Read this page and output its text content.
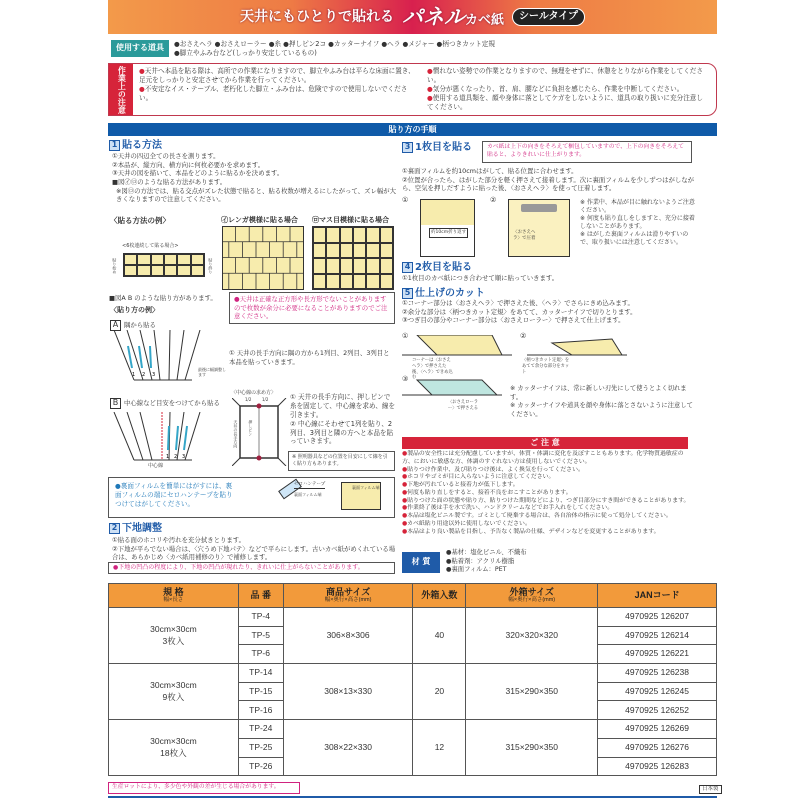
天井にもひとりで貼れる パネルカベ紙	シールタイプ
使用する道具	●おさえヘラ ●おさえローラー ●糸 ●押しピン2コ ●カッターナイフ ●ヘラ ●メジャー ●柄つきカット定規
●脚立やふみ台など(しっかり安定しているもの)
作業上の注意	●天井へ本品を貼る際は、高所での作業になりますので、脚立やふみ台は平らな床面に置き、足元をしっかりと安定させてから作業を行ってください。
●不安定なイス・テーブル、老朽化した脚立・ふみ台は、危険ですので使用しないでください。
●慣れない姿勢での作業となりますので、無理をせずに、休憩をとりながら作業をしてください。
●気分が悪くなったり、首、肩、腰などに負担を感じたら、作業を中断してください。
●使用する道具類を、顔や身体に落としてケガをしないように、道具の取り扱いに充分注意してください。
貼り方の手順
1 貼る方法
①天井の四辺全ての長さを測ります。
②本品が、縦方向、横方向に何枚必要かを求めます。
③天井の図を描いて、本品をどのように貼るかを決めます。
■図㋑㋺のような貼る方法があります。
※図㋺の方法では、貼る交点がズレた状態で貼ると、貼る枚数が増えるにしたがって、ズレ幅が大きくなりますので注意してください。
〈貼る方法の例〉	㋑レンガ模様に貼る場合 ㋺マス目模様に貼る場合
<6枚連続して貼る場合>
貼り始め	貼り終り
■図A B のような貼り方があります。	●天井は正確な正方形や長方形でないことがありますので枚数が余分に必要になることがありますのでご注意ください。
〈貼り方の例〉
A 隅から貼る
1 2 3
最後に幅調整します
① 天井の長手方向に隅の方から1列目、2列目、3列目と本品を貼っていきます。
B 中心線など目安をつけてから貼る
1 2 3
中心線
〈中心線の求め方〉
1/2	1/2
押しピン
天井の長手方向
① 天井の長手方向に、押しピンで糸を固定して、中心線を求め、線を引きます。
② 中心線にそわせて1列を貼り、2列目、3列目と隣の方へと本品を貼っていきます。
※ 照明器具などの位置を目安にして線を引く貼り方もあります。
●裏面フィルムを簡単にはがすには、裏面フィルムの端にセロハンテープを貼りつけてはがしてください。
セロハンテープ
裏面フィルム端
裏面フィルム端
2 下地調整
①貼る面のホコリや汚れを充分拭きとります。
②下地が平らでない場合は、〈穴うめ下地パテ〉などで平らにします。古いカベ紙がめくれている場合は、あらかじめ〈カベ紙用補修のり〉で補修します。
●下地の凹凸の程度により、下地の凹凸が現れたり、きれいに仕上がらないことがあります。
3 1枚目を貼る	カベ紙は上下の向きをそろえて梱包していますので、上下の向きをそろえて貼ると、よりきれいに仕上がります。
①裏面フィルムを約10cmはがして、貼る位置に合わせます。
②位置が合ったら、はがした部分を軽く押さえて接着します。次に裏面フィルムを少しずつはがしながら、空気を押しだすように貼った後、〈おさえヘラ〉を使って圧着します。
①
約10cm折り返す
②
〈おさえヘラ〉で圧着
※ 作業中、本品が目に触れないようご注意ください。
※ 何度も貼り直しをしますと、充分に接着しないことがあります。
※ はがした裏面フィルムは滑りやすいので、取り扱いには注意してください。
4 2枚目を貼る
①1枚目のカベ紙につき合わせて順に貼っていきます。
5 仕上げのカット
①コーナー部分は〈おさえヘラ〉で押さえた後、〈ヘラ〉でさらにきめ込みます。
②余分な部分は〈柄つきカット定規〉をあてて、カッターナイフで切りとります。
③つぎ目の部分やコーナー部分は〈おさえローラー〉で押さえて仕上げます。
①	②
③
コーナーは〈おさえヘラ〉で押さえた後、〈ヘラ〉できめ込む
〈柄つきカット定規〉をあてて余分な部分をカット
〈おさえローラー〉で押さえる
※ カッターナイフは、常に新しい刃先にして使うとよく切れます。
※ カッターナイフや道具を顔や身体に落とさないように注意してください。
ご 注 意
●製品の安全性には充分配慮していますが、体質・体調に変化を及ぼすこともあります。化学物質過敏症の方、においに敏感な方、体調のすぐれない方は使用しないでください。
●貼りつけ作業中、及び貼りつけ後は、よく換気を行ってください。
●ホコリやゴミが目に入らないように注意してください。
●下地が汚れていると接着力が低下します。
●何度も貼り直しをすると、接着不良をおこすことがあります。
●貼りつけた面の状態や貼り方、貼りつけた期間などにより、つぎ目部分にすき間ができることがあります。
●作業終了後は手を水で洗い、ハンドクリームなどでお手入れをしてください。
●本品は塩化ビニル製です。ゴミとして廃棄する場合は、各自治体の指示に従って処分してください。
●カベ紙貼り用途以外に使用しないでください。
●本品はより良い製品を目指し、予告なく製品の仕様、デザインなどを変更することがあります。
材 質
●基材：塩化ビニル、不織布
●粘着剤：アクリル樹脂
●裏面フィルム：PET
規 格
幅×長さ	品 番	商品サイズ
幅×奥行×高さ(mm)	外箱入数	外箱サイズ
幅×奥行×高さ(mm)	JANコード
30cm×30cm
3枚入	TP-4	306×8×306	40	320×320×320	4970925 126207
	TP-5				4970925 126214
	TP-6				4970925 126221
30cm×30cm
9枚入	TP-14	308×13×330	20	315×290×350	4970925 126238
	TP-15				4970925 126245
	TP-16				4970925 126252
30cm×30cm
18枚入	TP-24	308×22×330	12	315×290×350	4970925 126269
	TP-25				4970925 126276
	TP-26				4970925 126283
生産ロットにより、多少色や外観の差が生じる場合があります。	日本製
